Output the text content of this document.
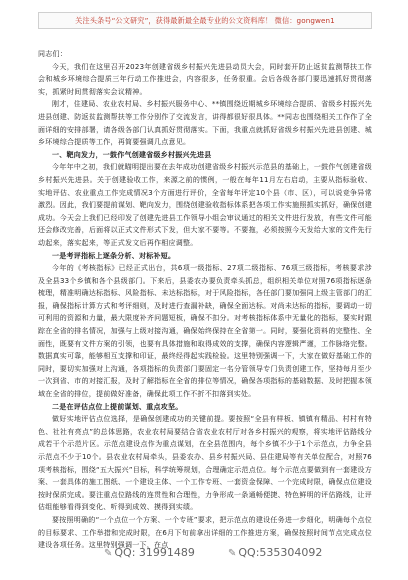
关注头条号“公文研究”，获得最新最全最专业的公文资料库！ 微信：gongwen1

同志们：

今天，我们在这里召开2023年创建省级乡村振兴先进县动员大会，同时套开防止返贫监测帮扶工作会和城乡环境综合提质三年行动工作推进会，内容很多，任务很重。会后各级各部门要迅速抓好贯彻落实，抓紧时间贯彻落实会议精神。

刚才，住建局、农业农村局、乡村振兴服务中心、**镇围绕近期城乡环境综合提质、省级乡村振兴先进县创建、防返贫监测帮扶等工作分别作了交流发言，讲得都很好很具体。**同志也围绕相关工作作了全面详细的安排部署，请各级各部门认真抓好贯彻落实。下面，我重点就抓好省级乡村振兴先进县创建、城乡环境综合提质等工作，再简要强调几点意见。

一、靶向发力，一鼓作气创建省级乡村振兴先进县

今年年中之初，我们就瞄明提出要在去年成功创建省级乡村振兴示范县的基础上，一鼓作气创建省级乡村振兴先进县。关于创建验收工作，来源之前的惯例，一般在每年11月左右启动，主要从指标验收、实地评估、农业重点工作完成情况3个方面进行评价，全省每年评定10个县（市、区），可以说竞争异常激烈。因此，我们要提前谋划、靶向发力，围绕创建验收指标体系把各项工作实施照抓实抓好，确保创建成功。今天会上我们已经印发了创建先进县工作领导小组会审议通过的相关文件进行发放，有些文件可能还会修改完善，后面将以正式文件形式下发，但大家不要等。不要拖，必须按照今天发给大家的文件先行动起来，落实起来，等正式发文后再作相应调整。

一是考评指标上逐条分析、对标补短。

今年的《考核指标》已经正式出台，共6项一级指标、27项二级指标、76项三级指标，考核要求涉及全县33个乡镇和各个县级部门。下来后，县委农办要负责牵头抓总，组织相关单位对照76项指标逐条梳理，精准明确达标指标、风险指标、未达标指标，对于风险指标，各任部门要加强同上级主管部门的汇报，确保指标计算方式和考评细则，及时进行查漏补缺，确保全面达标。对尚未达标的指标，要调动一切可利用的资源和力量，最大限度补齐问题短板，确保不扣分。对考核指标体系中无量化的指标，要实时跟踪在全省的排名情况，加强与上级对接沟通，确保始终保持在全省第一。同时，要强化资料的完整性、全面性，既要有文件方案的引领，也要有具体措施和取得成效的支撑，确保内容逻辑严谨，工作脉络完整。数据真实可靠，能够相互支撑和印证，最终经得起实践检验。这里特别强调一下，大家在做好基础工作的同时，要切实加强对上沟通，各项指标的负责部门要固定一名分管领导专门负责创建工作，坚持每月至少一次到省、市的对接汇报，及时了解指标在全省的排位等情况，确保各项指标的基础数据、及时把握本领域在全省的排位，提前做好准备，确保此项工作不折不扣落到实处。

二是在评估点位上提前谋划、重点攻坚。

做好实地评估点位选择，是确保创建成功的关键前提。要按照“全县有样板、镇镇有精品、村村有特色、社社有亮点”的总体思路，农业农村局要结合省农业农村厅对各乡村振兴的观察，将实地评估路线分成若干个示范片区。示范点建设点作为重点谋划，在全县范围内，每个乡镇不少于1个示范点，力争全县示范点不少于10个。县农业农村局牵头，县委农办、县乡村振兴局、县住建局等有关单位配合，对照76项考核指标，围绕“五大振兴”目标，科学统筹规划，合理确定示范点位。每个示范点要做到有一套建设方案、一套具体的施工图纸、一个建设主体、一个工作专班、一套资金保障、一个完成时限，确保点位建设按时保质完成。要注重点位路线的连贯性和合理性，力争形成一条通畅便捷、特色鲜明的评估路线，让评估组能够看得到变化、听得到成效、摸得到实绩。

要按照明确的“一个点位一个方案、一个专班”要求，把示范点的建设任务进一步细化，明确每个点位的目标要求、工作举措和完成时限，在6月下旬前拿出详细的工作推进方案，确保按照时间节点完成点位建设各项任务。这里特别强调一下，在点

✎ QQ: 31991489	✎ QQ:535304092
